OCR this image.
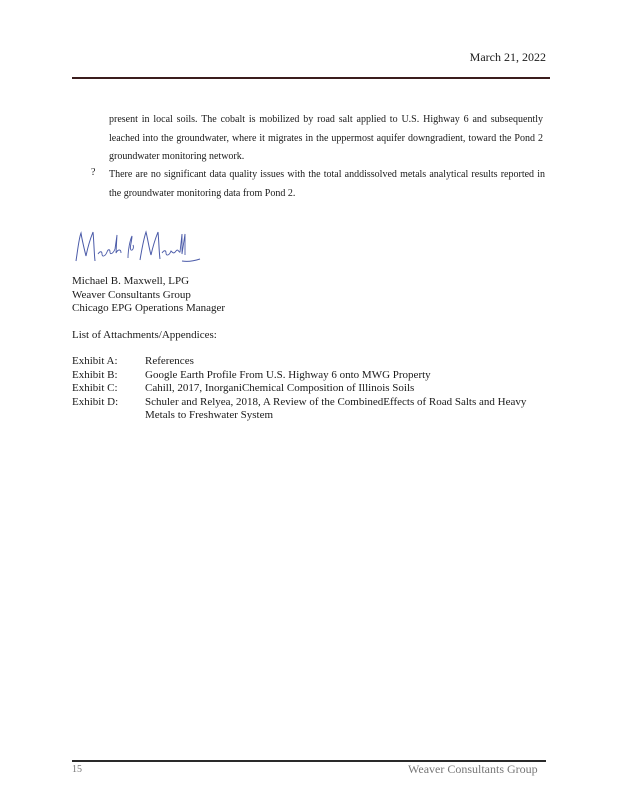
March 21, 2022
present in local soils. The cobalt is mobilized by road salt applied to U.S. Highway 6 and subsequently leached into the groundwater, where it migrates in the uppermost aquifer downgradient, toward the Pond 2 groundwater monitoring network.
? There are no significant data quality issues with the total anddissolved metals analytical results reported in the groundwater monitoring data from Pond 2.
Michael B. Maxwell, LPG
Weaver Consultants Group
Chicago EPG Operations Manager
List of Attachments/Appendices:
Exhibit A:	References
Exhibit B:	Google Earth Profile From U.S. Highway 6 onto MWG Property
Exhibit C:	Cahill, 2017, InorganiChemical Composition of Illinois Soils
Exhibit D:	Schuler and Relyea, 2018, A Review of the CombinedEffects of Road Salts and Heavy Metals to Freshwater System
15	Weaver Consultants Group
